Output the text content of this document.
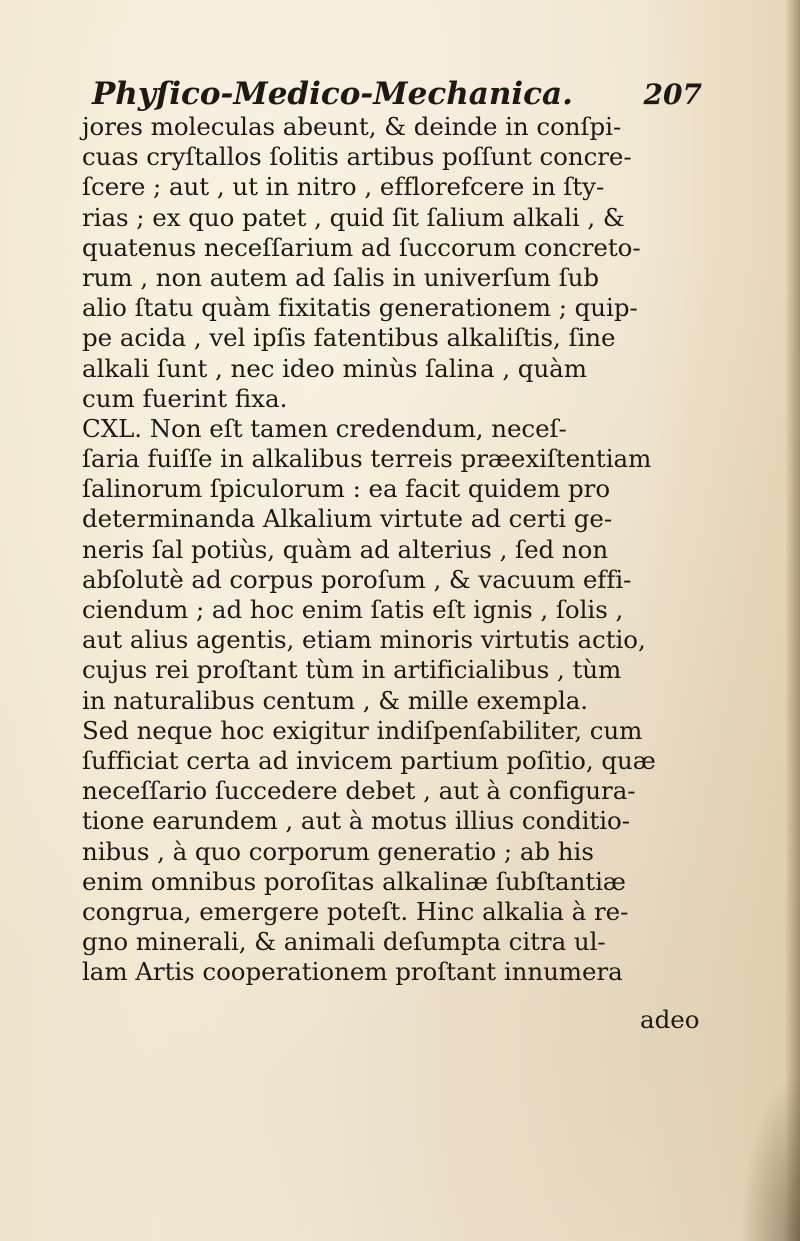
Phyſico-Medico-Mechanica.	207
jores moleculas abeunt, & deinde in conſpi-
cuas cryſtallos ſolitis artibus poſſunt concre-
ſcere ; aut , ut in nitro , efflorefcere in ſty-
rias ; ex quo patet , quid ſit ſalium alkali , &
quatenus neceſſarium ad ſuccorum concreto-
rum , non autem ad ſalis in univerſum ſub
alio ſtatu quàm fixitatis generationem ; quip-
pe acida , vel ipſis fatentibus alkaliſtis, ſine
alkali ſunt , nec ideo minùs ſalina , quàm
cum fuerint fixa.
CXL. Non eſt tamen credendum, neceſ-
ſaria fuiſſe in alkalibus terreis præexiſtentiam
ſalinorum ſpiculorum : ea facit quidem pro
determinanda Alkalium virtute ad certi ge-
neris ſal potiùs, quàm ad alterius , ſed non
abſolutè ad corpus poroſum , & vacuum effi-
ciendum ; ad hoc enim ſatis eſt ignis , ſolis ,
aut alius agentis, etiam minoris virtutis actio,
cujus rei proſtant tùm in artificialibus , tùm
in naturalibus centum , & mille exempla.
Sed neque hoc exigitur indiſpenſabiliter, cum
ſufficiat certa ad invicem partium poſitio, quæ
neceſſario ſuccedere debet , aut à configura-
tione earundem , aut à motus illius conditio-
nibus , à quo corporum generatio ; ab his
enim omnibus poroſitas alkalinæ ſubſtantiæ
congrua, emergere poteſt. Hinc alkalia à re-
gno minerali, & animali deſumpta citra ul-
lam Artis cooperationem proſtant innumera
adeo
